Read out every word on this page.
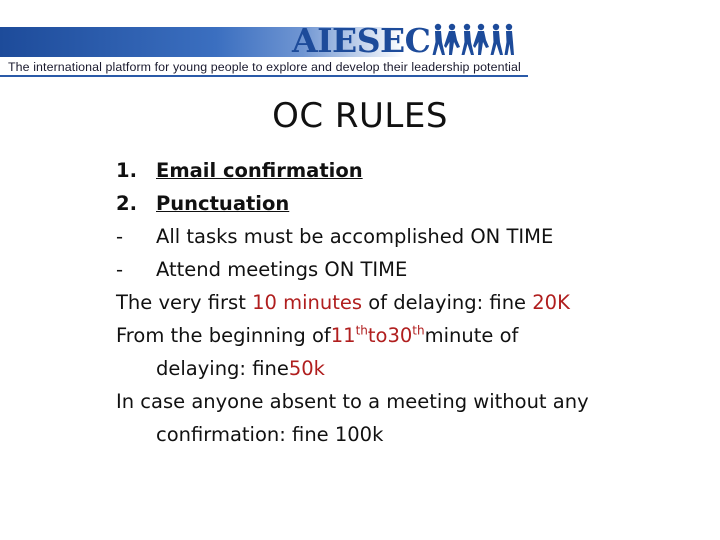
AIESEC
The international platform for young people to explore and develop their leadership potential
OC RULES
1. Email confirmation
2. Punctuation
-	All tasks must be accomplished ON TIME
-	Attend meetings ON TIME
The very first 10 minutes of delaying: fine 20K
From the beginning of 11th to 30th minute of
delaying: fine 50k
In case anyone absent to a meeting without any
confirmation: fine 100k
